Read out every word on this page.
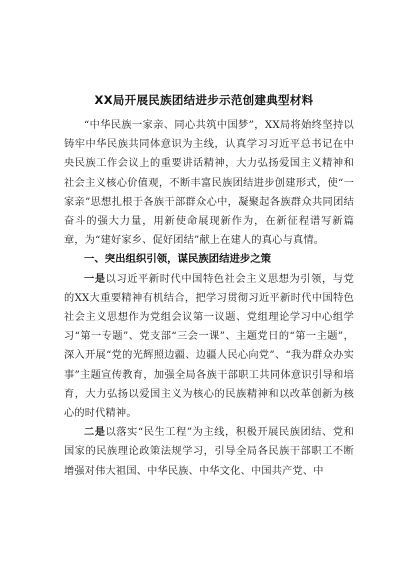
XX局开展民族团结进步示范创建典型材料

“中华民族一家亲、同心共筑中国梦”，XX局将始终坚持以铸牢中华民族共同体意识为主线，认真学习习近平总书记在中央民族工作会议上的重要讲话精神，大力弘扬爱国主义精神和社会主义核心价值观，不断丰富民族团结进步创建形式，使“一家亲”思想扎根于各族干部群众心中，凝聚起各族群众共同团结奋斗的强大力量，用新使命展现新作为，在新征程谱写新篇章，为“建好家乡、促好团结”献上在建人的真心与真情。

一、突出组织引领，谋民族团结进步之策

一是以习近平新时代中国特色社会主义思想为引领，与党的XX大重要精神有机结合，把学习贯彻习近平新时代中国特色社会主义思想作为党组会议第一议题、党组理论学习中心组学习“第一专题”、党支部“三会一课”、主题党日的“第一主题”，深入开展“党的光辉照边疆、边疆人民心向党”、“我为群众办实事”主题宣传教育，加强全局各族干部职工共同体意识引导和培育，大力弘扬以爱国主义为核心的民族精神和以改革创新为核心的时代精神。

二是以落实“民生工程”为主线，积极开展民族团结、党和国家的民族理论政策法规学习，引导全局各民族干部职工不断增强对伟大祖国、中华民族、中华文化、中国共产党、中
